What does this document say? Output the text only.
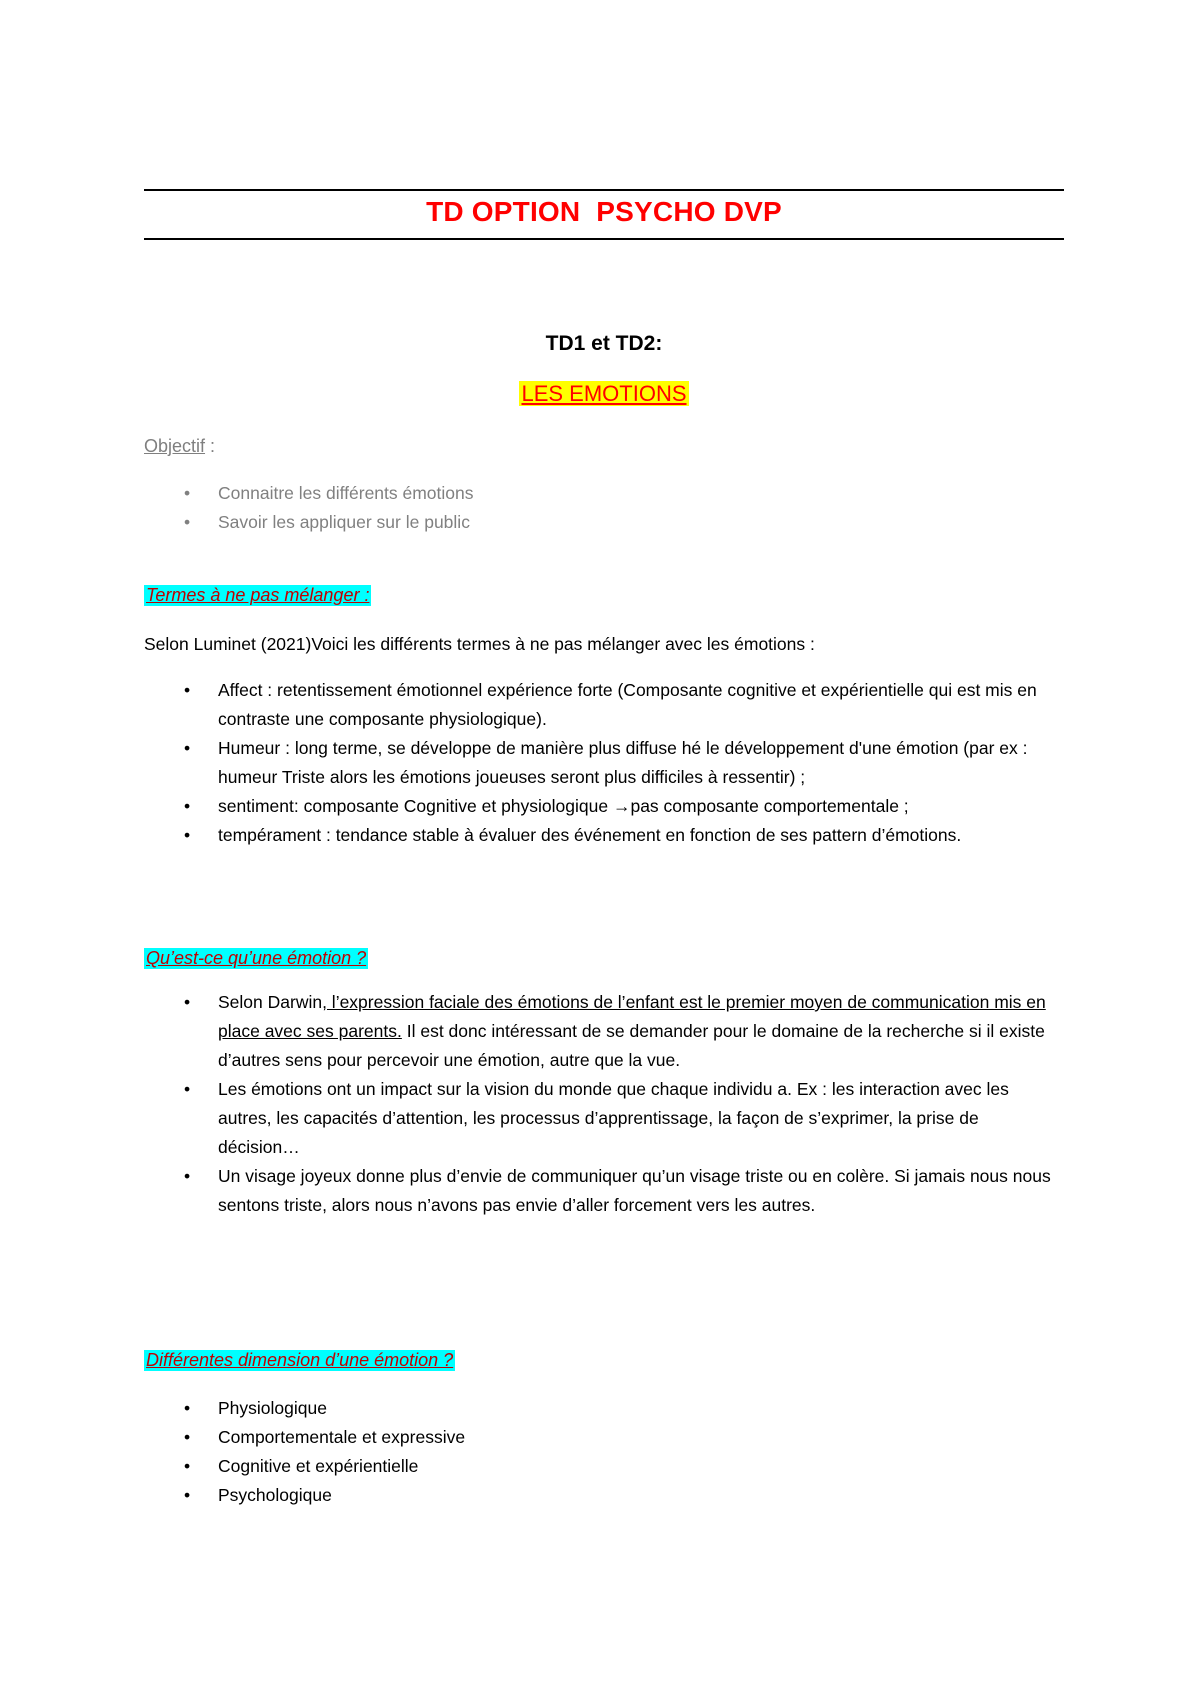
TD OPTION  PSYCHO DVP
TD1 et TD2:
LES EMOTIONS
Objectif :
• Connaitre les différents émotions
• Savoir les appliquer sur le public
Termes à ne pas mélanger :
Selon Luminet (2021)Voici les différents termes à ne pas mélanger avec les émotions :
• Affect : retentissement émotionnel expérience forte (Composante cognitive et expérientielle qui est mis en contraste une composante physiologique).
• Humeur : long terme, se développe de manière plus diffuse hé le développement d'une émotion (par ex : humeur Triste alors les émotions joueuses seront plus difficiles à ressentir) ;
• sentiment: composante Cognitive et physiologique →pas composante comportementale ;
• tempérament : tendance stable à évaluer des événement en fonction de ses pattern d’émotions.
Qu’est-ce qu’une émotion ?
• Selon Darwin, l’expression faciale des émotions de l’enfant est le premier moyen de communication mis en place avec ses parents. Il est donc intéressant de se demander pour le domaine de la recherche si il existe d’autres sens pour percevoir une émotion, autre que la vue.
• Les émotions ont un impact sur la vision du monde que chaque individu a. Ex : les interaction avec les autres, les capacités d’attention, les processus d’apprentissage, la façon de s’exprimer, la prise de décision…
• Un visage joyeux donne plus d’envie de communiquer qu’un visage triste ou en colère. Si jamais nous nous sentons triste, alors nous n’avons pas envie d’aller forcement vers les autres.
Différentes dimension d’une émotion ?
• Physiologique
• Comportementale et expressive
• Cognitive et expérientielle
• Psychologique
